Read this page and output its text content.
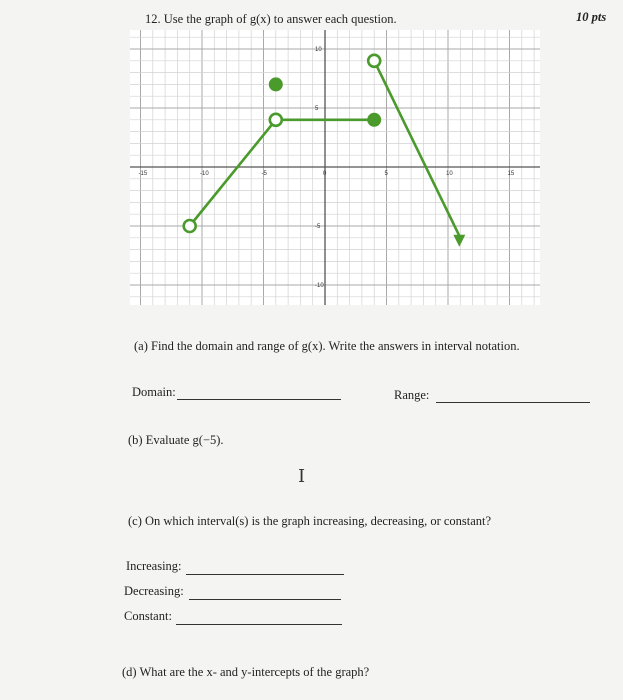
12. Use the graph of g(x) to answer each question.	10 pts
-15	-10	-5	0	5	10	15
10
5
-5
-10
(a) Find the domain and range of g(x). Write the answers in interval notation.
Domain:	Range:
(b) Evaluate g(−5).
I
(c) On which interval(s) is the graph increasing, decreasing, or constant?
Increasing:
Decreasing:
Constant:
(d) What are the x- and y-intercepts of the graph?
